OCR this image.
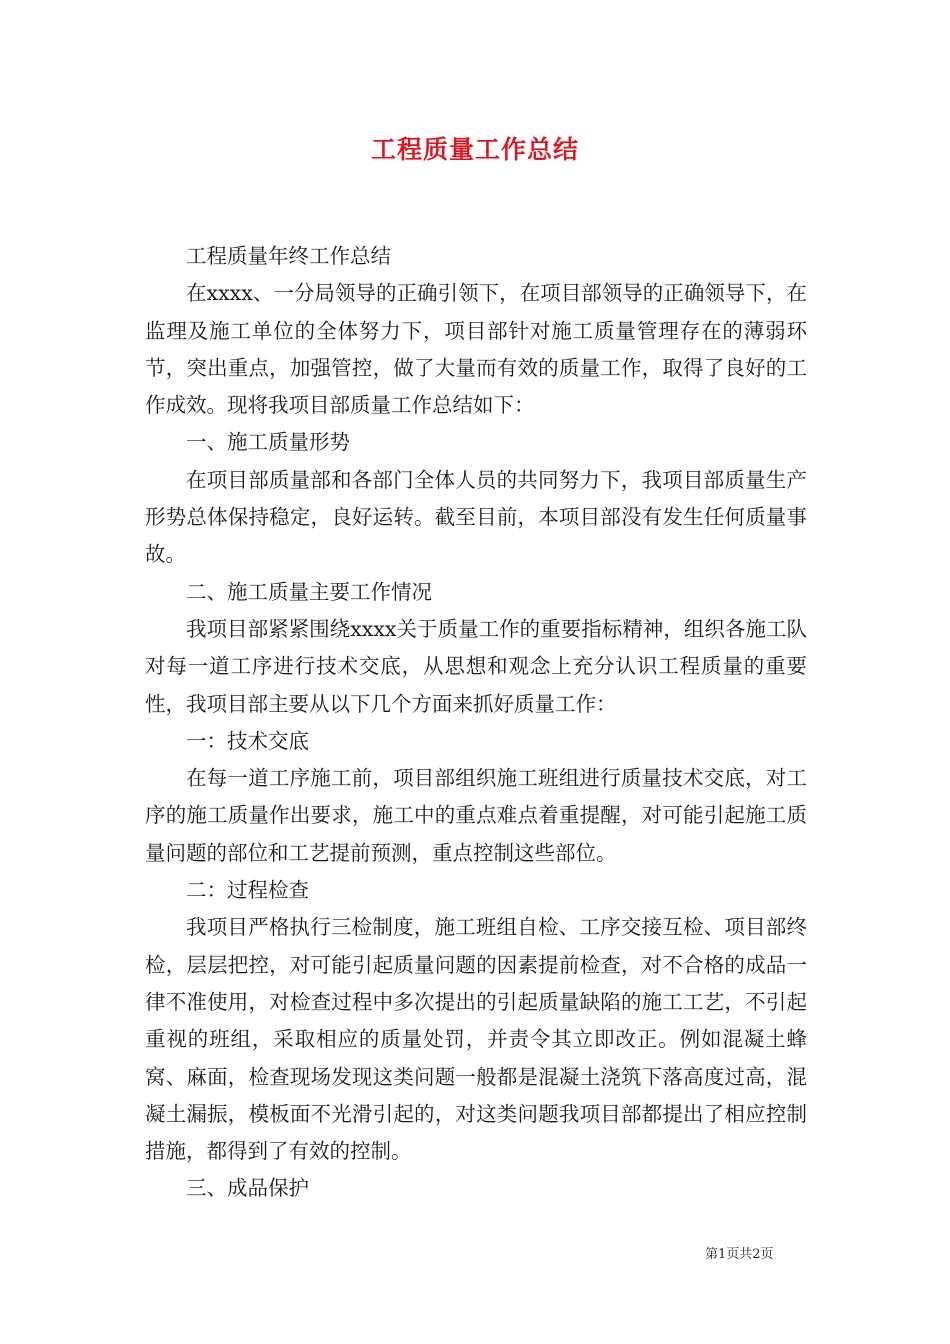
工程质量工作总结

工程质量年终工作总结

在xxxx、一分局领导的正确引领下，在项目部领导的正确领导下，在监理及施工单位的全体努力下，项目部针对施工质量管理存在的薄弱环节，突出重点，加强管控，做了大量而有效的质量工作，取得了良好的工作成效。现将我项目部质量工作总结如下：

一、施工质量形势

在项目部质量部和各部门全体人员的共同努力下，我项目部质量生产形势总体保持稳定，良好运转。截至目前，本项目部没有发生任何质量事故。

二、施工质量主要工作情况

我项目部紧紧围绕xxxx关于质量工作的重要指标精神，组织各施工队对每一道工序进行技术交底，从思想和观念上充分认识工程质量的重要性，我项目部主要从以下几个方面来抓好质量工作：

一：技术交底

在每一道工序施工前，项目部组织施工班组进行质量技术交底，对工序的施工质量作出要求，施工中的重点难点着重提醒，对可能引起施工质量问题的部位和工艺提前预测，重点控制这些部位。

二：过程检查

我项目严格执行三检制度，施工班组自检、工序交接互检、项目部终检，层层把控，对可能引起质量问题的因素提前检查，对不合格的成品一律不准使用，对检查过程中多次提出的引起质量缺陷的施工工艺，不引起重视的班组，采取相应的质量处罚，并责令其立即改正。例如混凝土蜂窝、麻面，检查现场发现这类问题一般都是混凝土浇筑下落高度过高，混凝土漏振，模板面不光滑引起的，对这类问题我项目部都提出了相应控制措施，都得到了有效的控制。

三、成品保护

第1页共2页
